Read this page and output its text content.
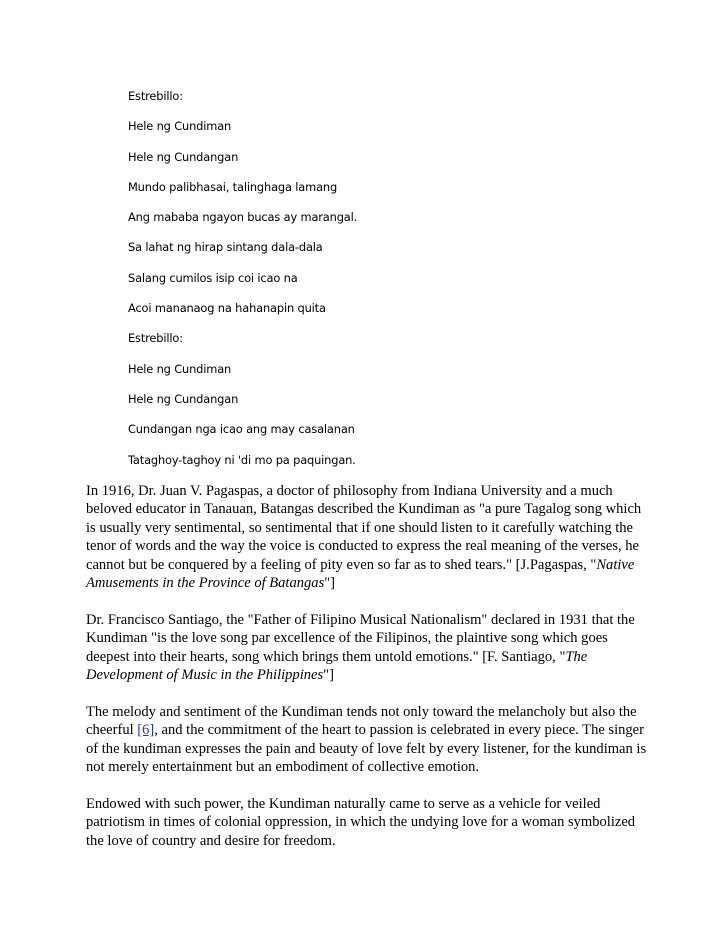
Estrebillo:
Hele ng Cundiman
Hele ng Cundangan
Mundo palibhasai, talinghaga lamang
Ang mababa ngayon bucas ay marangal.
Sa lahat ng hirap sintang dala-dala
Salang cumilos isip coi icao na
Acoi mananaog na hahanapin quita
Estrebillo:
Hele ng Cundiman
Hele ng Cundangan
Cundangan nga icao ang may casalanan
Tataghoy-taghoy ni 'di mo pa paquingan.

In 1916, Dr. Juan V. Pagaspas, a doctor of philosophy from Indiana University and a much
beloved educator in Tanauan, Batangas described the Kundiman as "a pure Tagalog song which
is usually very sentimental, so sentimental that if one should listen to it carefully watching the
tenor of words and the way the voice is conducted to express the real meaning of the verses, he
cannot but be conquered by a feeling of pity even so far as to shed tears." [J.Pagaspas, "Native
Amusements in the Province of Batangas"]

Dr. Francisco Santiago, the "Father of Filipino Musical Nationalism" declared in 1931 that the
Kundiman "is the love song par excellence of the Filipinos, the plaintive song which goes
deepest into their hearts, song which brings them untold emotions." [F. Santiago, "The
Development of Music in the Philippines"]

The melody and sentiment of the Kundiman tends not only toward the melancholy but also the
cheerful [6], and the commitment of the heart to passion is celebrated in every piece. The singer
of the kundiman expresses the pain and beauty of love felt by every listener, for the kundiman is
not merely entertainment but an embodiment of collective emotion.

Endowed with such power, the Kundiman naturally came to serve as a vehicle for veiled
patriotism in times of colonial oppression, in which the undying love for a woman symbolized
the love of country and desire for freedom.
